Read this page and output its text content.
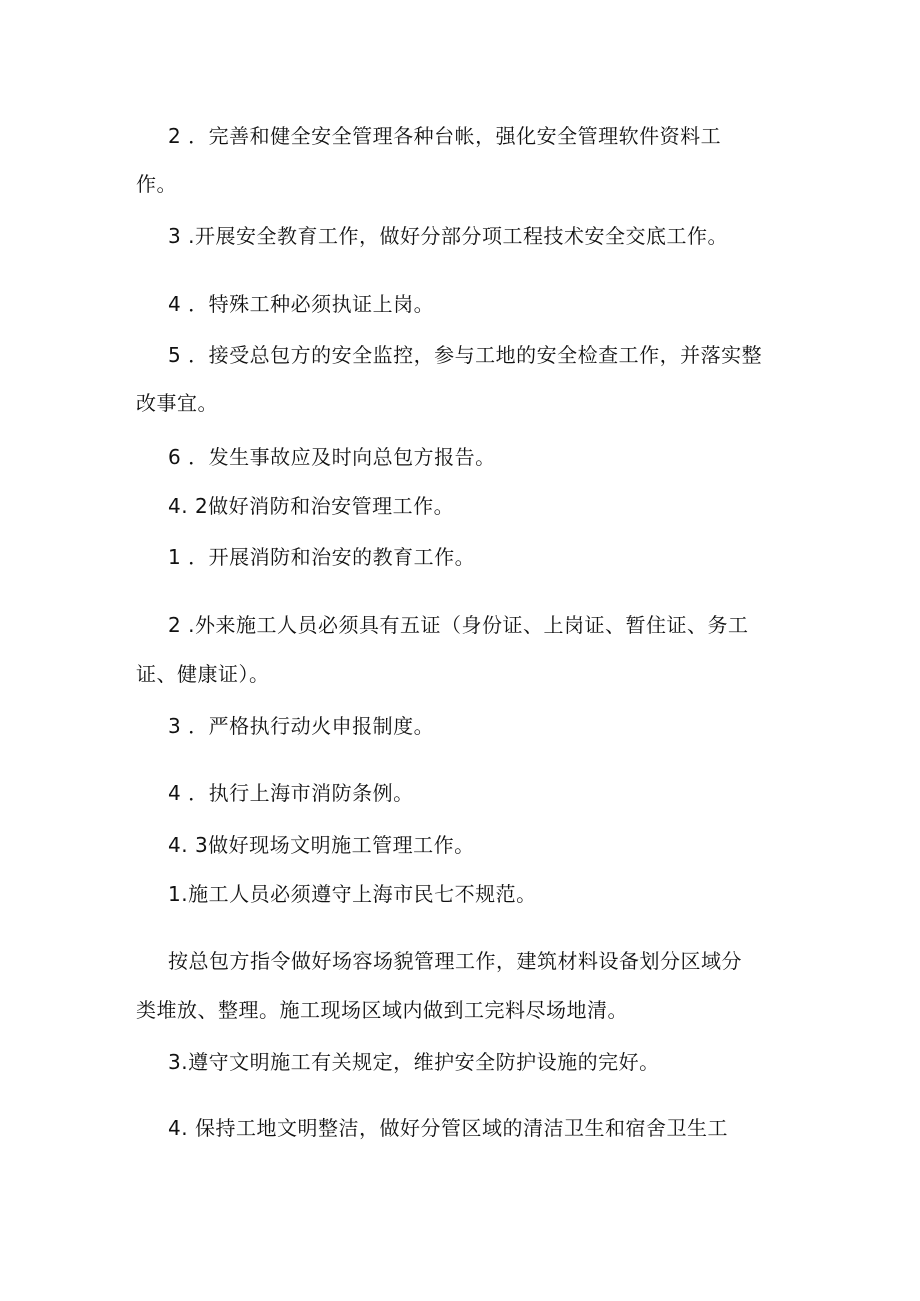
2 ．完善和健全安全管理各种台帐，强化安全管理软件资料工

作。

3 .开展安全教育工作，做好分部分项工程技术安全交底工作。

4 ．特殊工种必须执证上岗。

5 ．接受总包方的安全监控，参与工地的安全检查工作，并落实整

改事宜。

6 ．发生事故应及时向总包方报告。

4. 2做好消防和治安管理工作。

1 ．开展消防和治安的教育工作。

2 .外来施工人员必须具有五证（身份证、上岗证、暂住证、务工

证、健康证）。

3 ．严格执行动火申报制度。

4 ．执行上海市消防条例。

4. 3做好现场文明施工管理工作。

1.施工人员必须遵守上海市民七不规范。

按总包方指令做好场容场貌管理工作，建筑材料设备划分区域分

类堆放、整理。施工现场区域内做到工完料尽场地清。

3.遵守文明施工有关规定，维护安全防护设施的完好。

4. 保持工地文明整洁，做好分管区域的清洁卫生和宿舍卫生工
